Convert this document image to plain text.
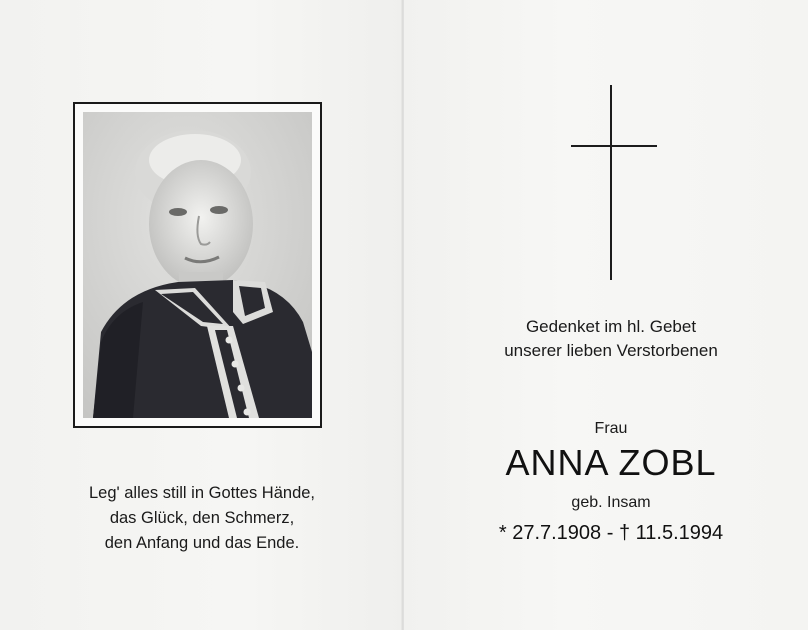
Leg' alles still in Gottes Hände,
das Glück, den Schmerz,
den Anfang und das Ende.
Gedenket im hl. Gebet
unserer lieben Verstorbenen
Frau
ANNA ZOBL
geb. Insam
* 27.7.1908 - † 11.5.1994
